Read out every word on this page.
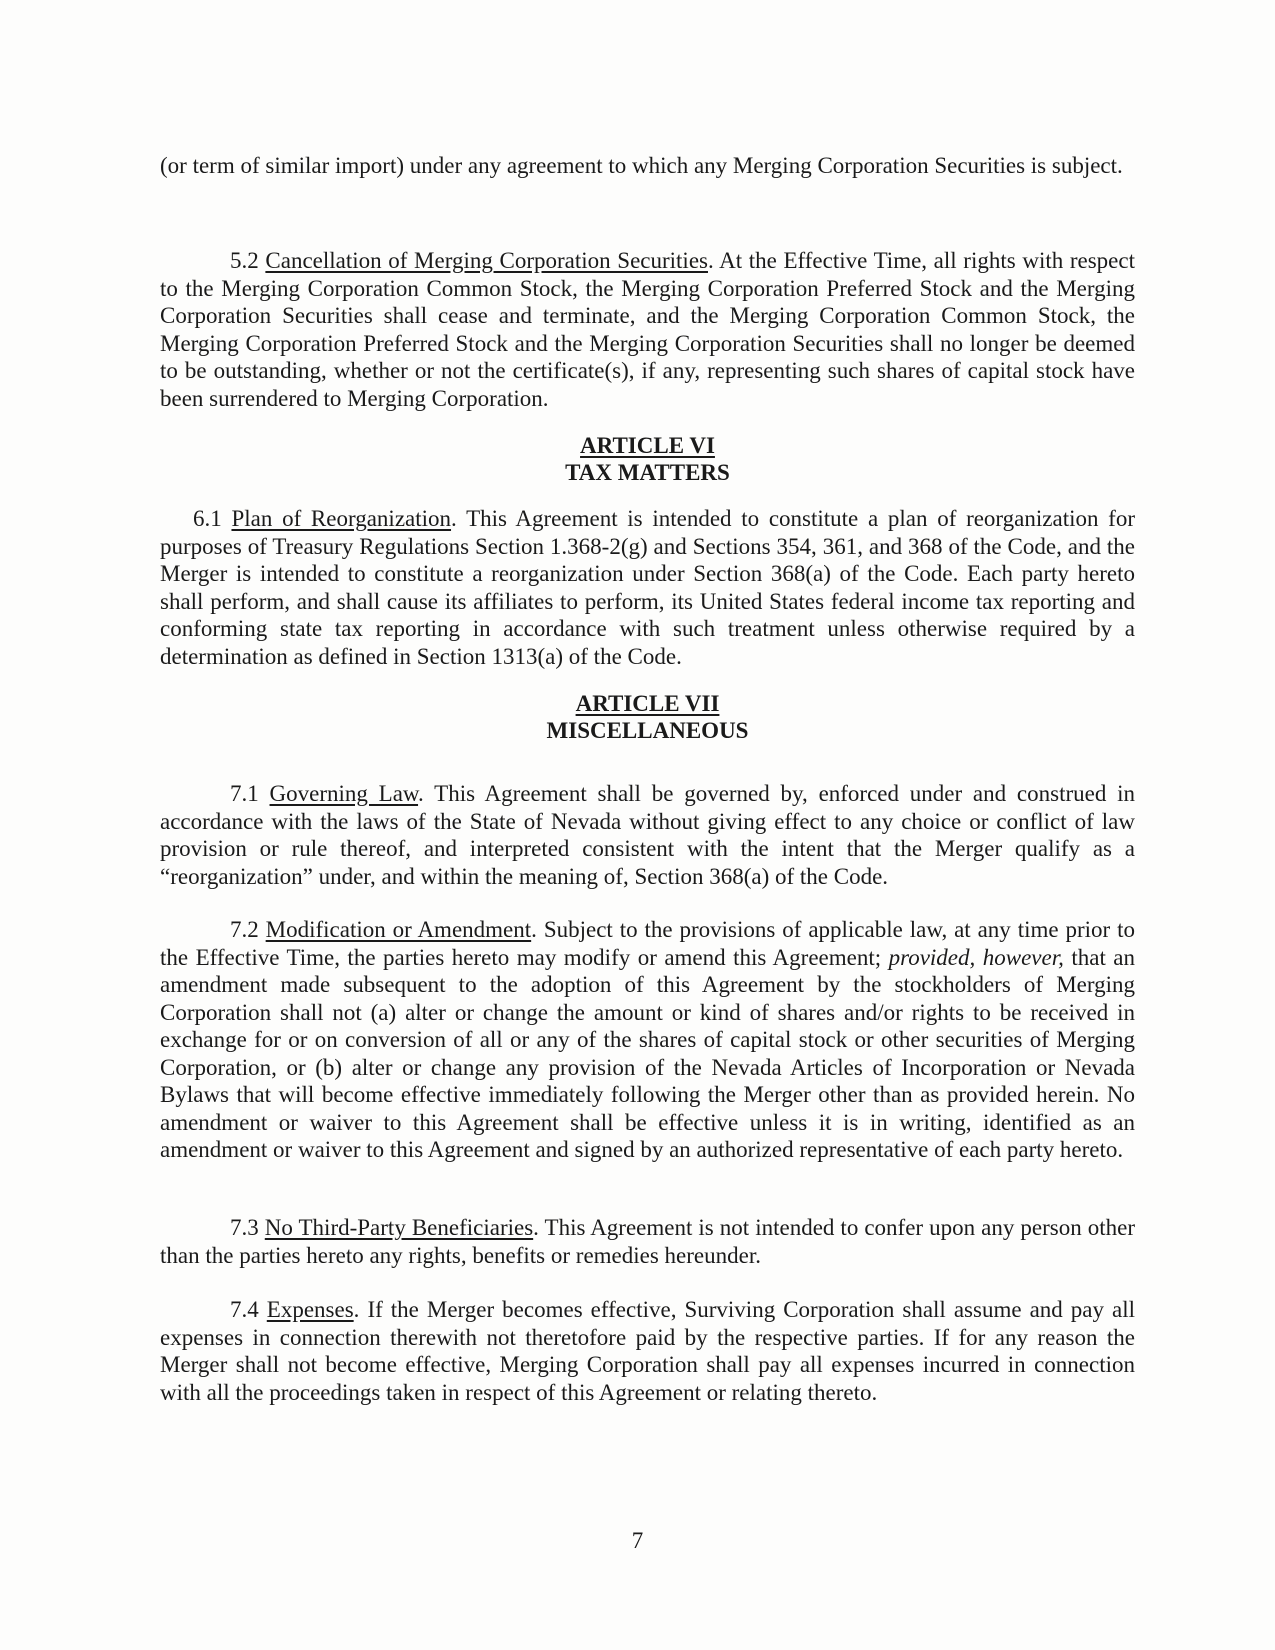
(or term of similar import) under any agreement to which any Merging Corporation Securities is subject.

5.2 Cancellation of Merging Corporation Securities. At the Effective Time, all rights with respect to the Merging Corporation Common Stock, the Merging Corporation Preferred Stock and the Merging Corporation Securities shall cease and terminate, and the Merging Corporation Common Stock, the Merging Corporation Preferred Stock and the Merging Corporation Securities shall no longer be deemed to be outstanding, whether or not the certificate(s), if any, representing such shares of capital stock have been surrendered to Merging Corporation.

ARTICLE VI
TAX MATTERS

6.1 Plan of Reorganization. This Agreement is intended to constitute a plan of reorganization for purposes of Treasury Regulations Section 1.368-2(g) and Sections 354, 361, and 368 of the Code, and the Merger is intended to constitute a reorganization under Section 368(a) of the Code. Each party hereto shall perform, and shall cause its affiliates to perform, its United States federal income tax reporting and conforming state tax reporting in accordance with such treatment unless otherwise required by a determination as defined in Section 1313(a) of the Code.

ARTICLE VII
MISCELLANEOUS

7.1 Governing Law. This Agreement shall be governed by, enforced under and construed in accordance with the laws of the State of Nevada without giving effect to any choice or conflict of law provision or rule thereof, and interpreted consistent with the intent that the Merger qualify as a “reorganization” under, and within the meaning of, Section 368(a) of the Code.

7.2 Modification or Amendment. Subject to the provisions of applicable law, at any time prior to the Effective Time, the parties hereto may modify or amend this Agreement; provided, however, that an amendment made subsequent to the adoption of this Agreement by the stockholders of Merging Corporation shall not (a) alter or change the amount or kind of shares and/or rights to be received in exchange for or on conversion of all or any of the shares of capital stock or other securities of Merging Corporation, or (b) alter or change any provision of the Nevada Articles of Incorporation or Nevada Bylaws that will become effective immediately following the Merger other than as provided herein. No amendment or waiver to this Agreement shall be effective unless it is in writing, identified as an amendment or waiver to this Agreement and signed by an authorized representative of each party hereto.

7.3 No Third-Party Beneficiaries. This Agreement is not intended to confer upon any person other than the parties hereto any rights, benefits or remedies hereunder.

7.4 Expenses. If the Merger becomes effective, Surviving Corporation shall assume and pay all expenses in connection therewith not theretofore paid by the respective parties. If for any reason the Merger shall not become effective, Merging Corporation shall pay all expenses incurred in connection with all the proceedings taken in respect of this Agreement or relating thereto.

7
